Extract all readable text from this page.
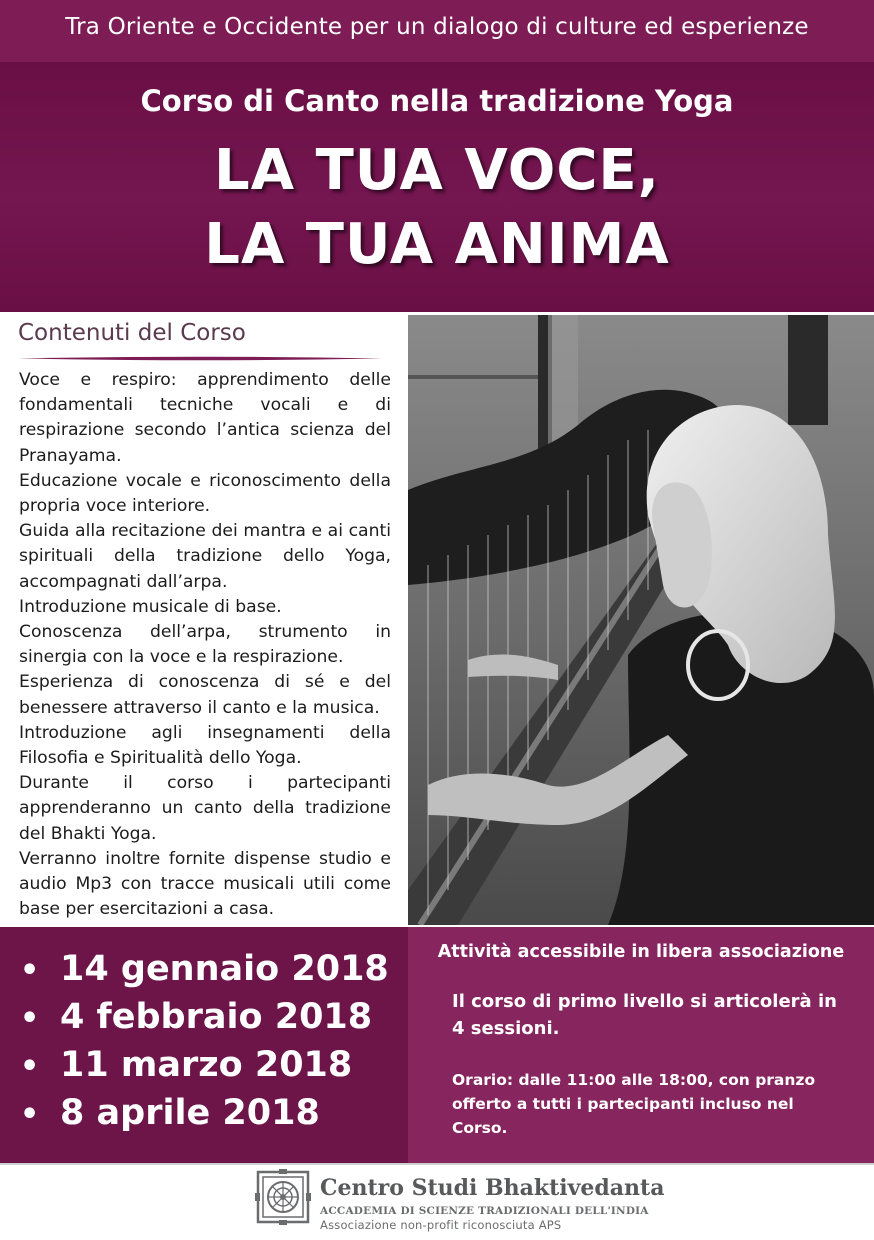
Tra Oriente e Occidente per un dialogo di culture ed esperienze
Corso di Canto nella tradizione Yoga
LA TUA VOCE,
LA TUA ANIMA
Contenuti del Corso

Voce e respiro: apprendimento delle fondamentali tecniche vocali e di respirazione secondo l’antica scienza del Pranayama.

Educazione vocale e riconoscimento della propria voce interiore.

Guida alla recitazione dei mantra e ai canti spirituali della tradizione dello Yoga, accompagnati dall’arpa.

Introduzione musicale di base.

Conoscenza dell’arpa, strumento in sinergia con la voce e la respirazione.

Esperienza di conoscenza di sé e del benessere attraverso il canto e la musica.

Introduzione agli insegnamenti della Filosofia e Spiritualità dello Yoga.

Durante il corso i partecipanti apprenderanno un canto della tradizione del Bhakti Yoga.

Verranno inoltre fornite dispense studio e audio Mp3 con tracce musicali utili come base per esercitazioni a casa.

• 14 gennaio 2018
• 4 febbraio 2018
• 11 marzo 2018
• 8 aprile 2018
Attività accessibile in libera associazione
Il corso di primo livello si articolerà in 4 sessioni.
Orario: dalle 11:00 alle 18:00, con pranzo offerto a tutti i partecipanti incluso nel Corso.
Centro Studi Bhaktivedanta
ACCADEMIA DI SCIENZE TRADIZIONALI DELL'INDIA
Associazione non-profit riconosciuta APS
